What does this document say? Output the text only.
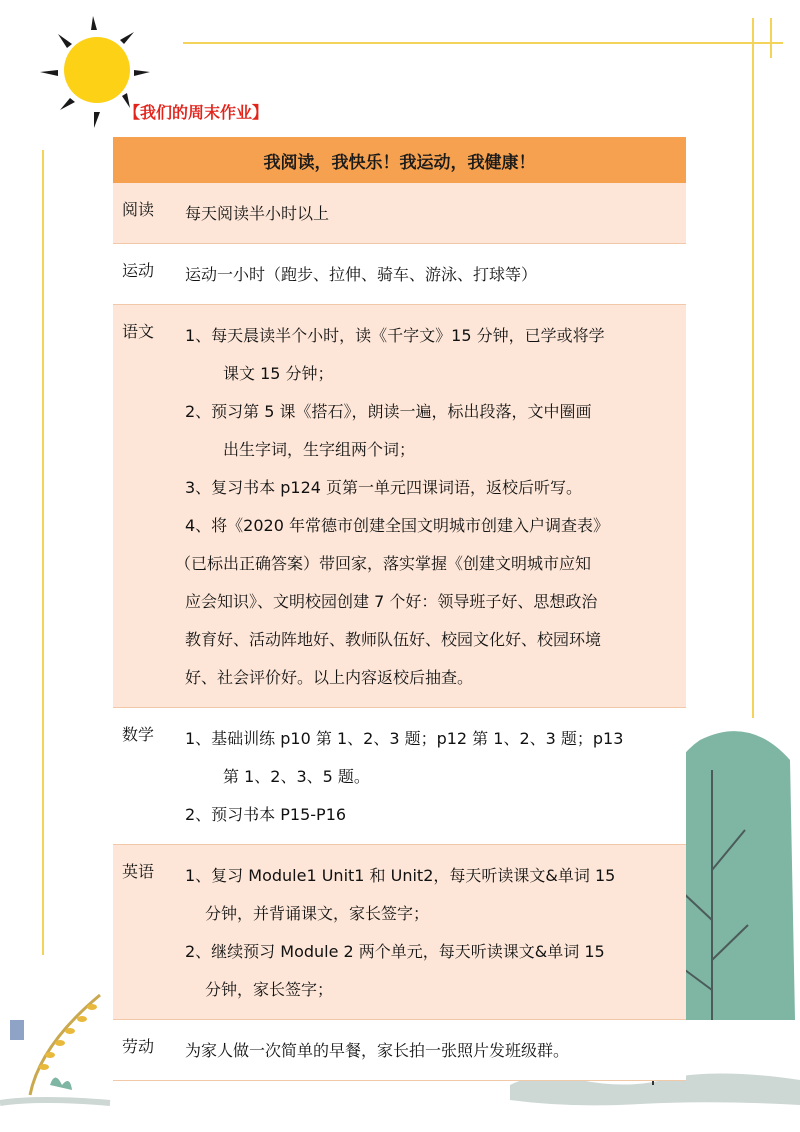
【我们的周末作业】
我阅读，我快乐！我运动，我健康！
阅读	每天阅读半小时以上
运动	运动一小时（跑步、拉伸、骑车、游泳、打球等）
语文	1、每天晨读半个小时，读《千字文》15 分钟，已学或将学
课文 15 分钟；
2、预习第 5 课《搭石》，朗读一遍，标出段落，文中圈画
出生字词，生字组两个词；
3、复习书本 p124 页第一单元四课词语，返校后听写。
4、将《2020 年常德市创建全国文明城市创建入户调查表》
（已标出正确答案）带回家，落实掌握《创建文明城市应知
应会知识》、文明校园创建 7 个好：领导班子好、思想政治
教育好、活动阵地好、教师队伍好、校园文化好、校园环境
好、社会评价好。以上内容返校后抽查。
数学	1、基础训练 p10 第 1、2、3 题；p12 第 1、2、3 题；p13
第 1、2、3、5 题。
2、预习书本 P15-P16
英语	1、复习 Module1 Unit1 和 Unit2，每天听读课文&单词 15
分钟，并背诵课文，家长签字；
2、继续预习 Module 2 两个单元，每天听读课文&单词 15
分钟，家长签字；
劳动	为家人做一次简单的早餐，家长拍一张照片发班级群。
